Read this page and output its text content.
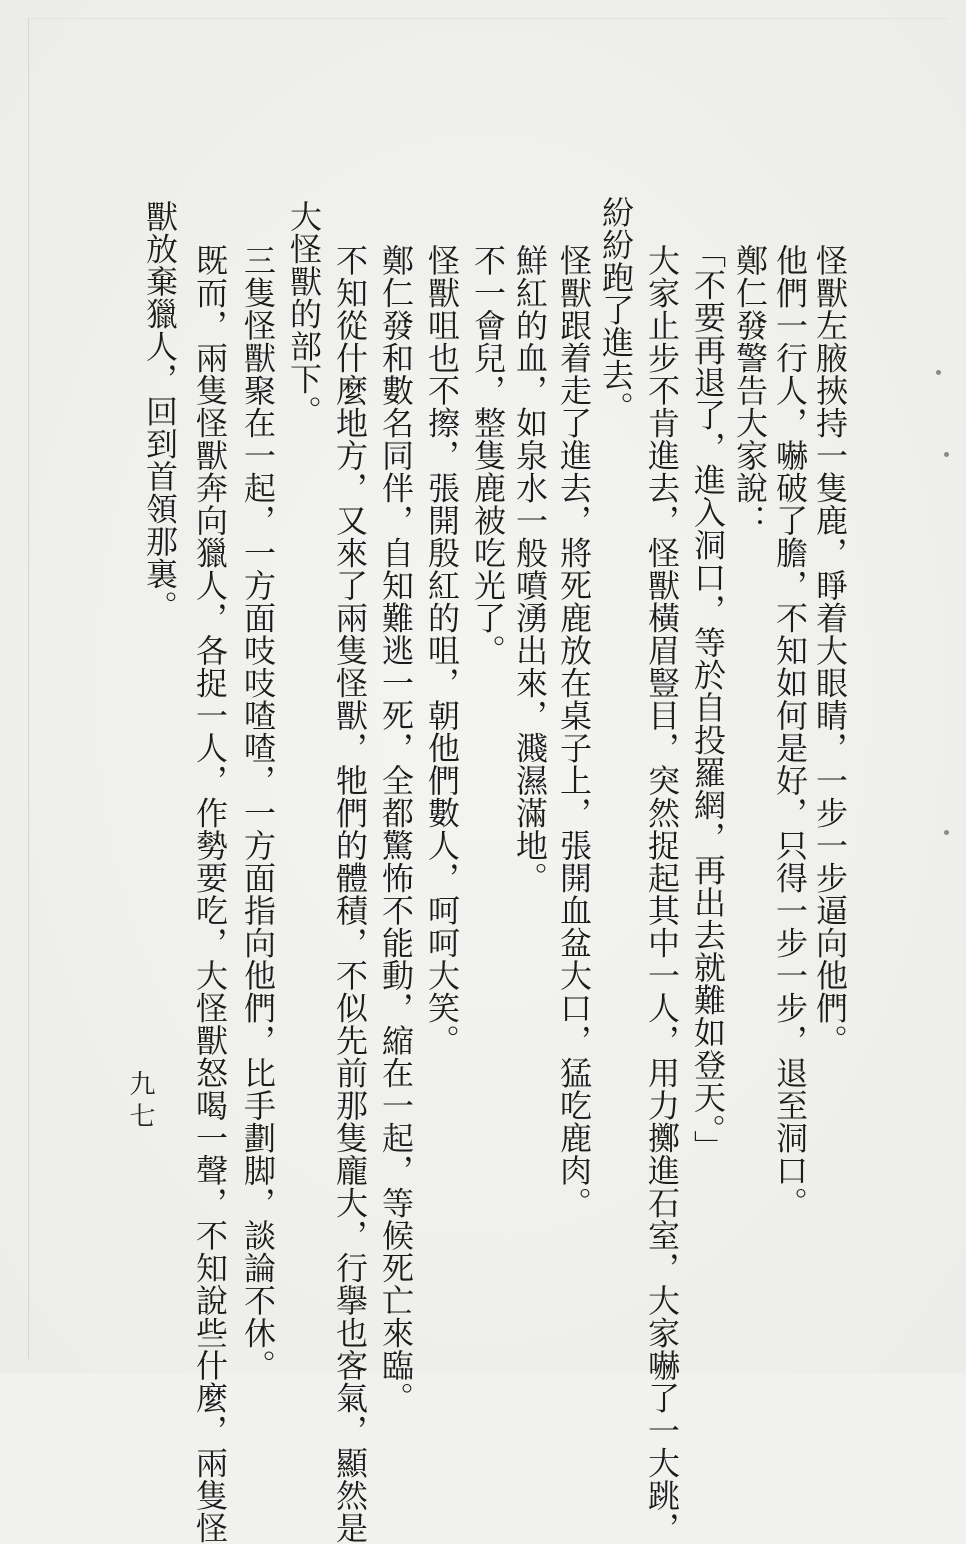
怪獸左腋挾持一隻鹿，睜着大眼睛，一步一步逼向他們。

他們一行人，嚇破了膽，不知如何是好，只得一步一步，退至洞口。

鄭仁發警告大家說：

「不要再退了，進入洞口，等於自投羅網，再出去就難如登天。」

大家止步不肯進去，怪獸橫眉豎目，突然捉起其中一人，用力擲進石室，大家嚇了一大跳，

紛紛跑了進去。

怪獸跟着走了進去，將死鹿放在桌子上，張開血盆大口，猛吃鹿肉。

鮮紅的血，如泉水一般噴湧出來，濺濕滿地。

不一會兒，整隻鹿被吃光了。

怪獸咀也不擦，張開殷紅的咀，朝他們數人，呵呵大笑。

鄭仁發和數名同伴，自知難逃一死，全都驚怖不能動，縮在一起，等候死亡來臨。

不知從什麼地方，又來了兩隻怪獸，牠們的體積，不似先前那隻龐大，行擧也客氣，顯然是

大怪獸的部下。

三隻怪獸聚在一起，一方面吱吱喳喳，一方面指向他們，比手劃脚，談論不休。

既而，兩隻怪獸奔向獵人，各捉一人，作勢要吃，大怪獸怒喝一聲，不知說些什麼，兩隻怪

獸放棄獵人，回到首領那裏。

九七
